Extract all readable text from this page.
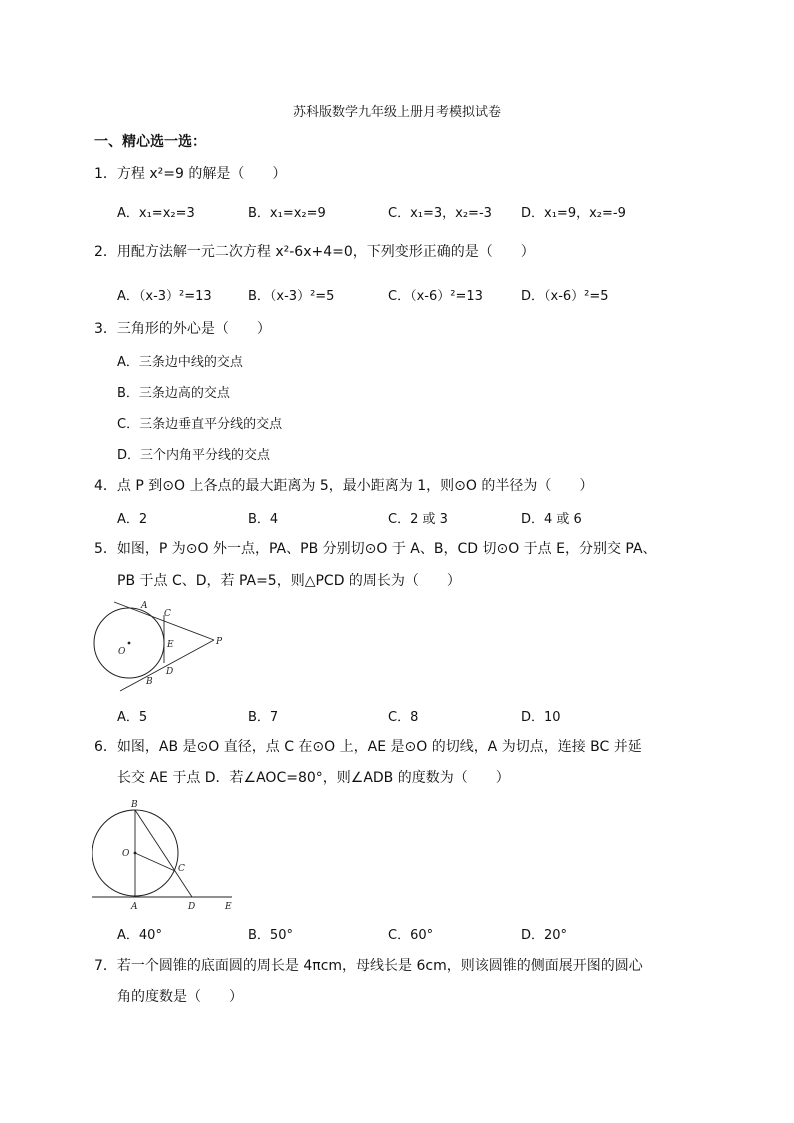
苏科版数学九年级上册月考模拟试卷
一、精心选一选：
1．方程 x²=9 的解是（　　）
A．x₁=x₂=3	B．x₁=x₂=9	C．x₁=3，x₂=-3 D．x₁=9，x₂=-9
2．用配方法解一元二次方程 x²-6x+4=0，下列变形正确的是（　　）
A．（x-3）²=13	B．（x-3）²=5	C．（x-6）²=13	D．（x-6）²=5
3．三角形的外心是（　　）
A．三条边中线的交点
B．三条边高的交点
C．三条边垂直平分线的交点
D．三个内角平分线的交点
4．点 P 到⊙O 上各点的最大距离为 5，最小距离为 1，则⊙O 的半径为（　　）
A．2	B．4	C．2 或 3	D．4 或 6
5．如图，P 为⊙O 外一点，PA、PB 分别切⊙O 于 A、B，CD 切⊙O 于点 E，分别交 PA、
PB 于点 C、D，若 PA=5，则△PCD 的周长为（　　）
A
C
E	P
O
D
B
A．5	B．7	C．8	D．10
6．如图，AB 是⊙O 直径，点 C 在⊙O 上，AE 是⊙O 的切线，A 为切点，连接 BC 并延
长交 AE 于点 D．若∠AOC=80°，则∠ADB 的度数为（　　）
B
O
C
A	D	E
A．40°	B．50°	C．60°	D．20°
7．若一个圆锥的底面圆的周长是 4πcm，母线长是 6cm，则该圆锥的侧面展开图的圆心
角的度数是（　　）
